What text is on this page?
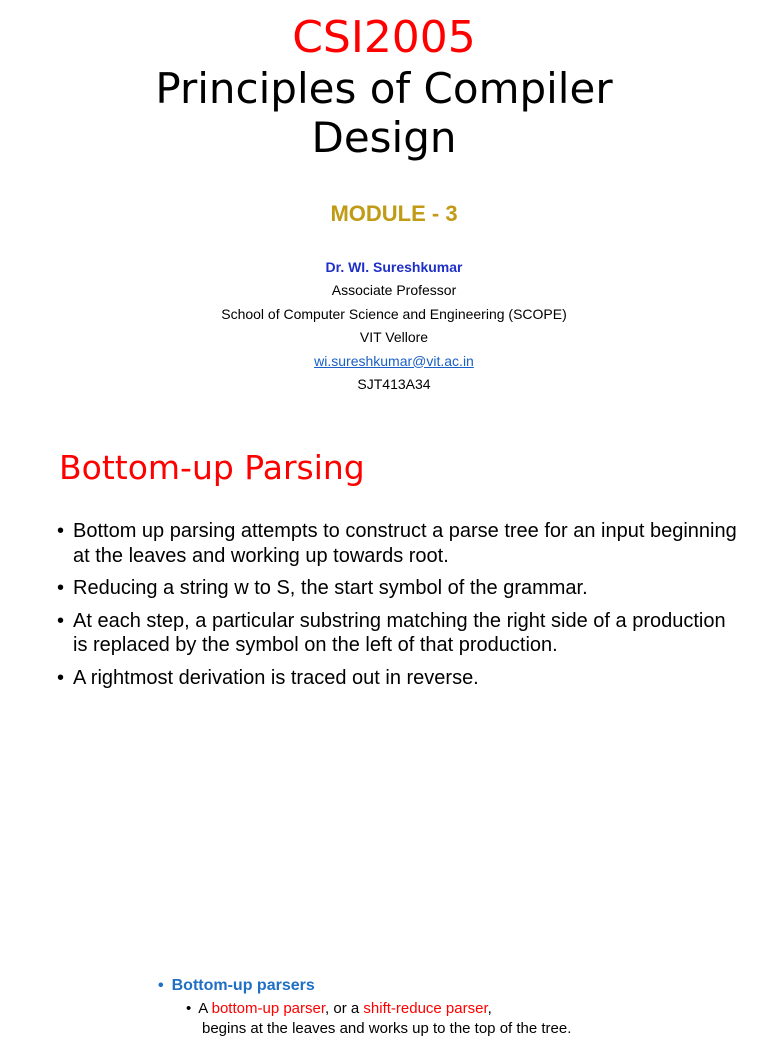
CSI2005
Principles of Compiler Design
MODULE - 3
Dr. WI. Sureshkumar
Associate Professor
School of Computer Science and Engineering (SCOPE)
VIT Vellore
wi.sureshkumar@vit.ac.in
SJT413A34
Bottom-up Parsing
• Bottom up parsing attempts to construct a parse tree for an input beginning at the leaves and working up towards root.
• Reducing a string w to S, the start symbol of the grammar.
• At each step, a particular substring matching the right side of a production is replaced by the symbol on the left of that production.
• A rightmost derivation is traced out in reverse.
• Bottom-up parsers
• A bottom-up parser, or a shift-reduce parser,
begins at the leaves and works up to the top of the tree.
